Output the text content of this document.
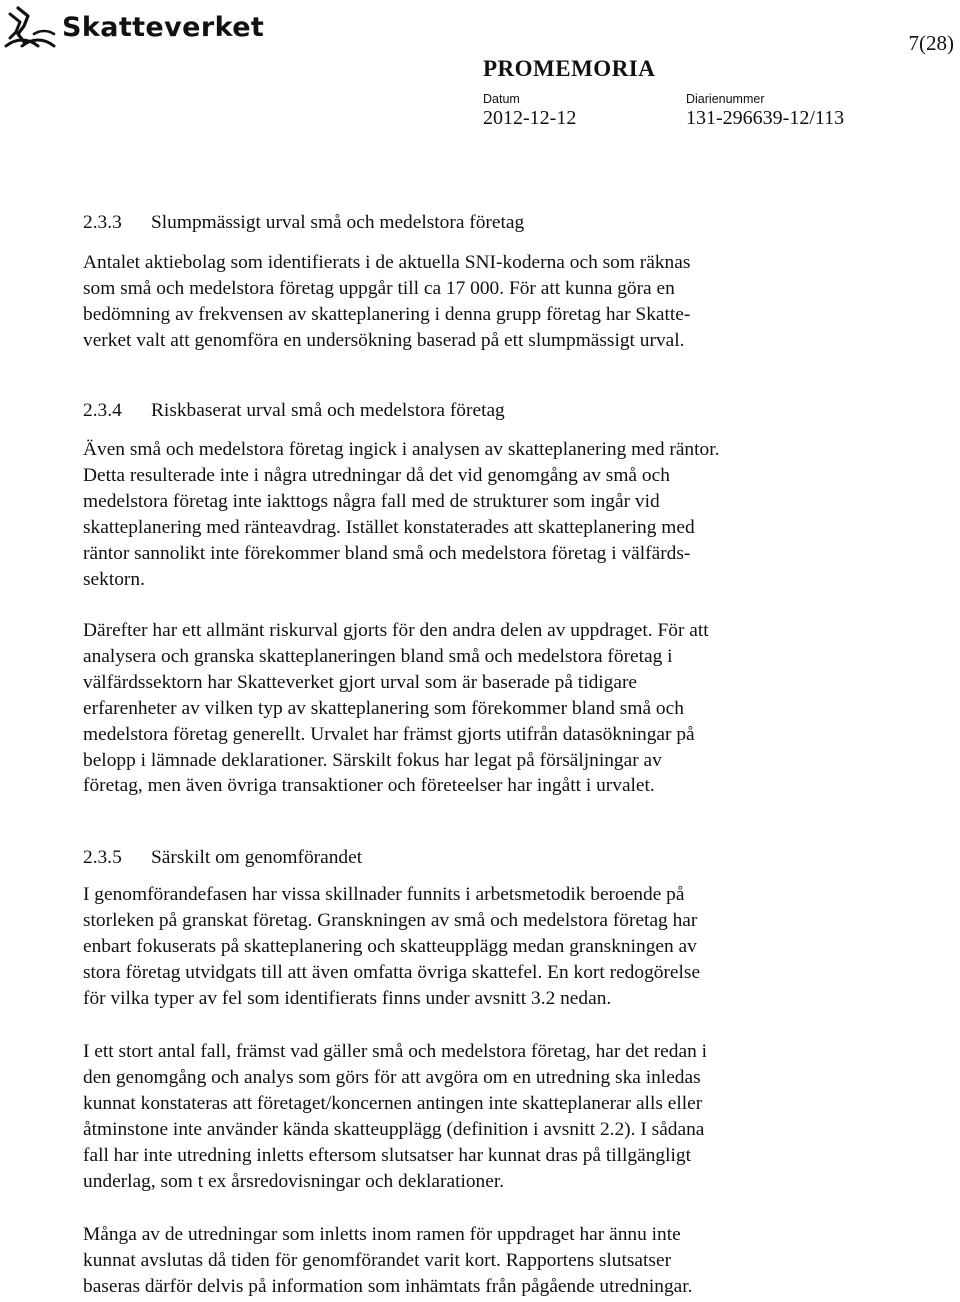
Skatteverket
7(28)
PROMEMORIA
Datum
2012-12-12
Diarienummer
131-296639-12/113
2.3.3	Slumpmässigt urval små och medelstora företag
Antalet aktiebolag som identifierats i de aktuella SNI-koderna och som räknas
som små och medelstora företag uppgår till ca 17 000. För att kunna göra en
bedömning av frekvensen av skatteplanering i denna grupp företag har Skatte-
verket valt att genomföra en undersökning baserad på ett slumpmässigt urval.
2.3.4	Riskbaserat urval små och medelstora företag
Även små och medelstora företag ingick i analysen av skatteplanering med räntor.
Detta resulterade inte i några utredningar då det vid genomgång av små och
medelstora företag inte iakttogs några fall med de strukturer som ingår vid
skatteplanering med ränteavdrag. Istället konstaterades att skatteplanering med
räntor sannolikt inte förekommer bland små och medelstora företag i välfärds-
sektorn.
Därefter har ett allmänt riskurval gjorts för den andra delen av uppdraget. För att
analysera och granska skatteplaneringen bland små och medelstora företag i
välfärdssektorn har Skatteverket gjort urval som är baserade på tidigare
erfarenheter av vilken typ av skatteplanering som förekommer bland små och
medelstora företag generellt. Urvalet har främst gjorts utifrån datasökningar på
belopp i lämnade deklarationer. Särskilt fokus har legat på försäljningar av
företag, men även övriga transaktioner och företeelser har ingått i urvalet.
2.3.5	Särskilt om genomförandet
I genomförandefasen har vissa skillnader funnits i arbetsmetodik beroende på
storleken på granskat företag. Granskningen av små och medelstora företag har
enbart fokuserats på skatteplanering och skatteupplägg medan granskningen av
stora företag utvidgats till att även omfatta övriga skattefel. En kort redogörelse
för vilka typer av fel som identifierats finns under avsnitt 3.2 nedan.
I ett stort antal fall, främst vad gäller små och medelstora företag, har det redan i
den genomgång och analys som görs för att avgöra om en utredning ska inledas
kunnat konstateras att företaget/koncernen antingen inte skatteplanerar alls eller
åtminstone inte använder kända skatteupplägg (definition i avsnitt 2.2). I sådana
fall har inte utredning inletts eftersom slutsatser har kunnat dras på tillgängligt
underlag, som t ex årsredovisningar och deklarationer.
Många av de utredningar som inletts inom ramen för uppdraget har ännu inte
kunnat avslutas då tiden för genomförandet varit kort. Rapportens slutsatser
baseras därför delvis på information som inhämtats från pågående utredningar.
